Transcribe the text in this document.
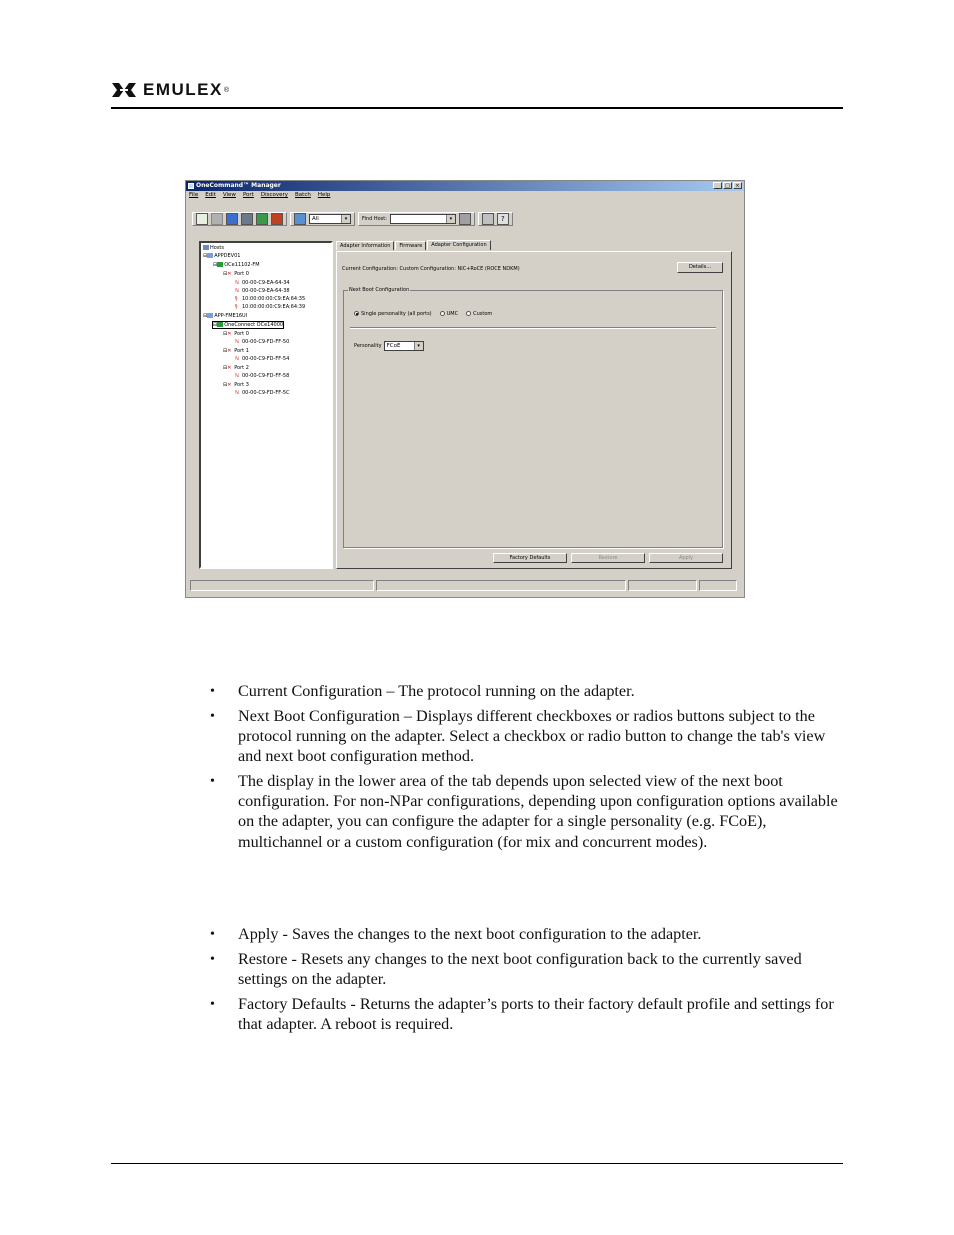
EMULEX ®
OneCommand™ Manager	_	□	×
File Edit View Port Discovery Batch Help
All	▾	Find Host:	▾	?
Hosts
⊟ APPDEV01
⊟ OCe11102-FM
⊟✕ Port 0
ℕ 00-00-C9-EA-64-34
ℕ 00-00-C9-EA-64-38
§ 10:00:00:00:C9:EA:64:35
§ 10:00:00:00:C9:EA:64:39
⊟ APP-FME16UI
⊟ OneConnect OCe14000
⊟✕ Port 0
ℕ 00-00-C9-FD-FF-50
⊟✕ Port 1
ℕ 00-00-C9-FD-FF-54
⊟✕ Port 2
ℕ 00-00-C9-FD-FF-58
⊟✕ Port 3
ℕ 00-00-C9-FD-FF-5C
Adapter Information	Firmware	Adapter Configuration
Current Configuration: Custom Configuration: NIC+RoCE (ROCE NDKM)	Details...
Next Boot Configuration
Single personality (all ports)	UMC	Custom
Personality FCoE	▾
Factory Defaults	Restore	Apply
• Current Configuration – The protocol running on the adapter.
• Next Boot Configuration – Displays different checkboxes or radios buttons subject to the protocol running on the adapter. Select a checkbox or radio button to change the tab's view and next boot configuration method.
• The display in the lower area of the tab depends upon selected view of the next boot configuration. For non-NPar configurations, depending upon configuration options available on the adapter, you can configure the adapter for a single personality (e.g. FCoE), multichannel or a custom configuration (for mix and concurrent modes).
• Apply - Saves the changes to the next boot configuration to the adapter.
• Restore - Resets any changes to the next boot configuration back to the currently saved settings on the adapter.
• Factory Defaults - Returns the adapter’s ports to their factory default profile and settings for that adapter. A reboot is required.
